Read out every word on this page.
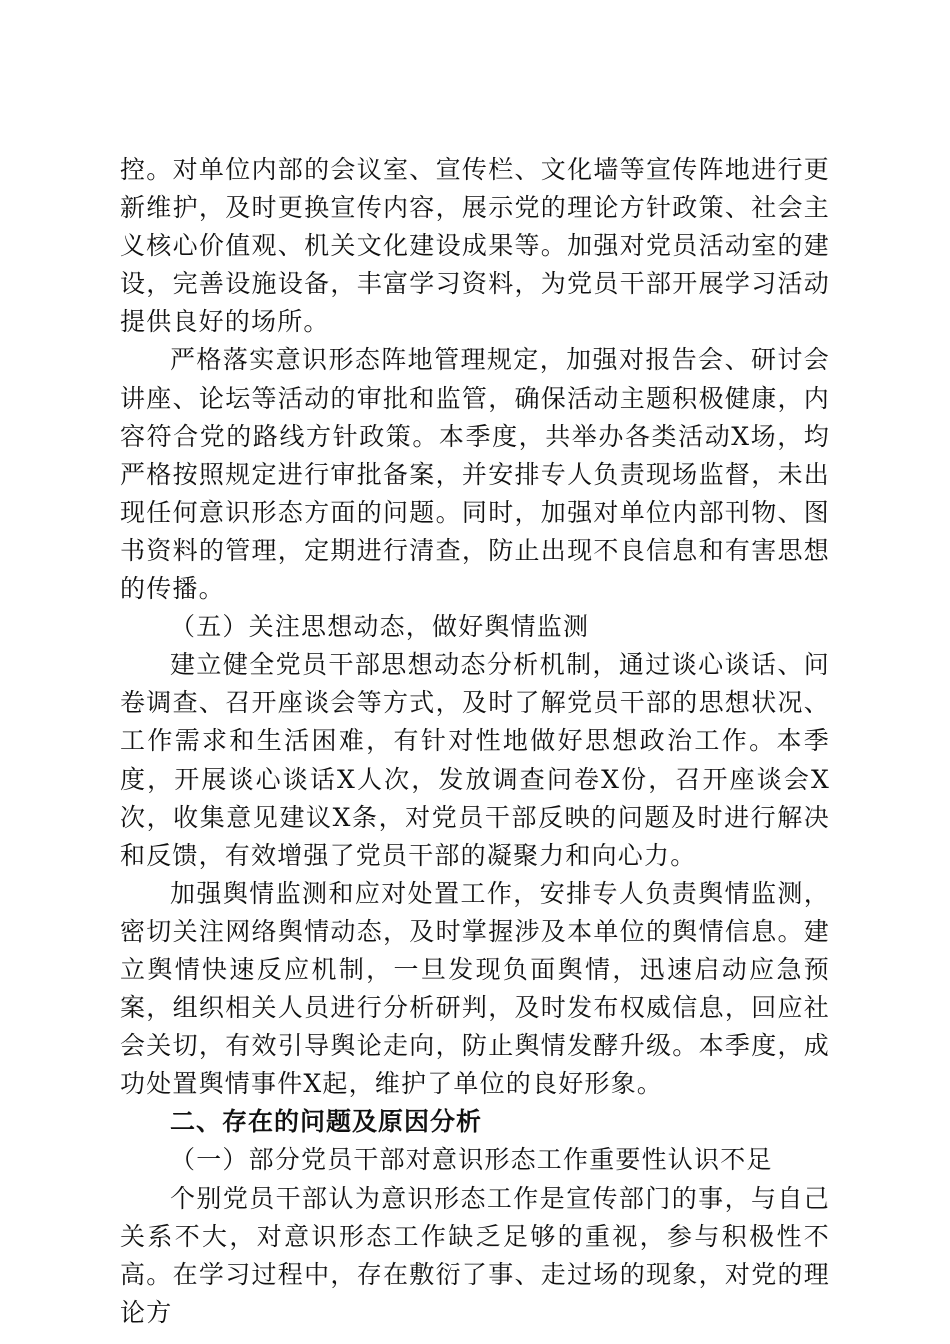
控。对单位内部的会议室、宣传栏、文化墙等宣传阵地进行更新维护，及时更换宣传内容，展示党的理论方针政策、社会主义核心价值观、机关文化建设成果等。加强对党员活动室的建设，完善设施设备，丰富学习资料，为党员干部开展学习活动提供良好的场所。

严格落实意识形态阵地管理规定，加强对报告会、研讨会讲座、论坛等活动的审批和监管，确保活动主题积极健康，内容符合党的路线方针政策。本季度，共举办各类活动X场，均严格按照规定进行审批备案，并安排专人负责现场监督，未出现任何意识形态方面的问题。同时，加强对单位内部刊物、图书资料的管理，定期进行清查，防止出现不良信息和有害思想的传播。

（五）关注思想动态，做好舆情监测

建立健全党员干部思想动态分析机制，通过谈心谈话、问卷调查、召开座谈会等方式，及时了解党员干部的思想状况、工作需求和生活困难，有针对性地做好思想政治工作。本季度，开展谈心谈话X人次，发放调查问卷X份，召开座谈会X次，收集意见建议X条，对党员干部反映的问题及时进行解决和反馈，有效增强了党员干部的凝聚力和向心力。

加强舆情监测和应对处置工作，安排专人负责舆情监测，密切关注网络舆情动态，及时掌握涉及本单位的舆情信息。建立舆情快速反应机制，一旦发现负面舆情，迅速启动应急预案，组织相关人员进行分析研判，及时发布权威信息，回应社会关切，有效引导舆论走向，防止舆情发酵升级。本季度，成功处置舆情事件X起，维护了单位的良好形象。

二、存在的问题及原因分析

（一）部分党员干部对意识形态工作重要性认识不足

个别党员干部认为意识形态工作是宣传部门的事，与自己关系不大，对意识形态工作缺乏足够的重视，参与积极性不高。在学习过程中，存在敷衍了事、走过场的现象，对党的理论方
